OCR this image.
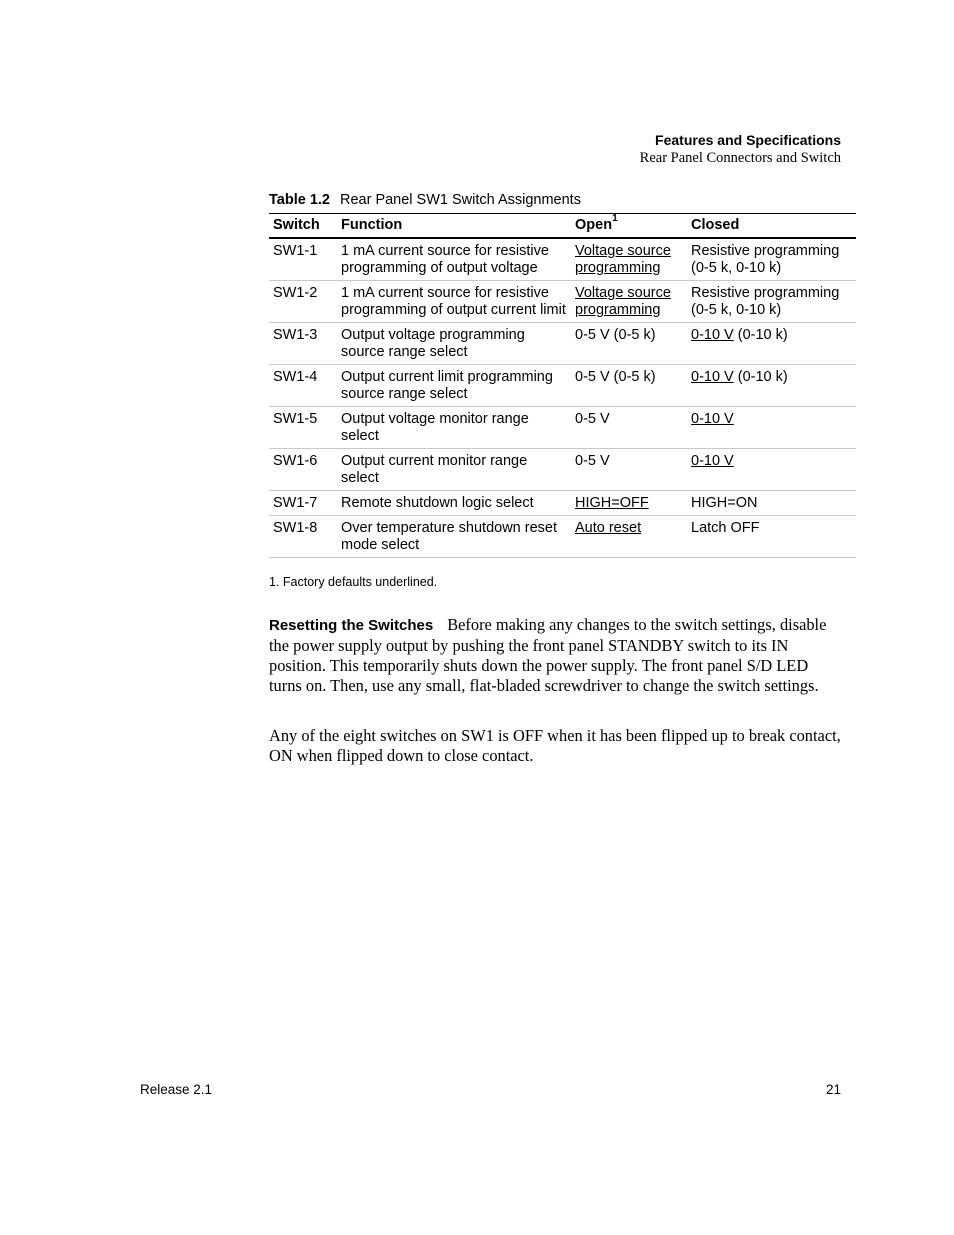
Features and Specifications
Rear Panel Connectors and Switch
Table 1.2 Rear Panel SW1 Switch Assignments
Switch	Function	Open$^1$	Closed
SW1-1	1 mA current source for resistive programming of output voltage	Voltage source programming	Resistive programming (0-5 k, 0-10 k)
SW1-2	1 mA current source for resistive programming of output current limit	Voltage source programming	Resistive programming (0-5 k, 0-10 k)
SW1-3	Output voltage programming source range select	0-5 V (0-5 k)	0-10 V (0-10 k)
SW1-4	Output current limit programming source range select	0-5 V (0-5 k)	0-10 V (0-10 k)
SW1-5	Output voltage monitor range select	0-5 V	0-10 V
SW1-6	Output current monitor range select	0-5 V	0-10 V
SW1-7	Remote shutdown logic select	HIGH=OFF	HIGH=ON
SW1-8	Over temperature shutdown reset mode select	Auto reset	Latch OFF
1. Factory defaults underlined.

Resetting the Switches Before making any changes to the switch settings, disable the power supply output by pushing the front panel STANDBY switch to its IN position. This temporarily shuts down the power supply. The front panel S/D LED turns on. Then, use any small, flat-bladed screwdriver to change the switch settings.

Any of the eight switches on SW1 is OFF when it has been flipped up to break contact, ON when flipped down to close contact.

Release 2.1	21
